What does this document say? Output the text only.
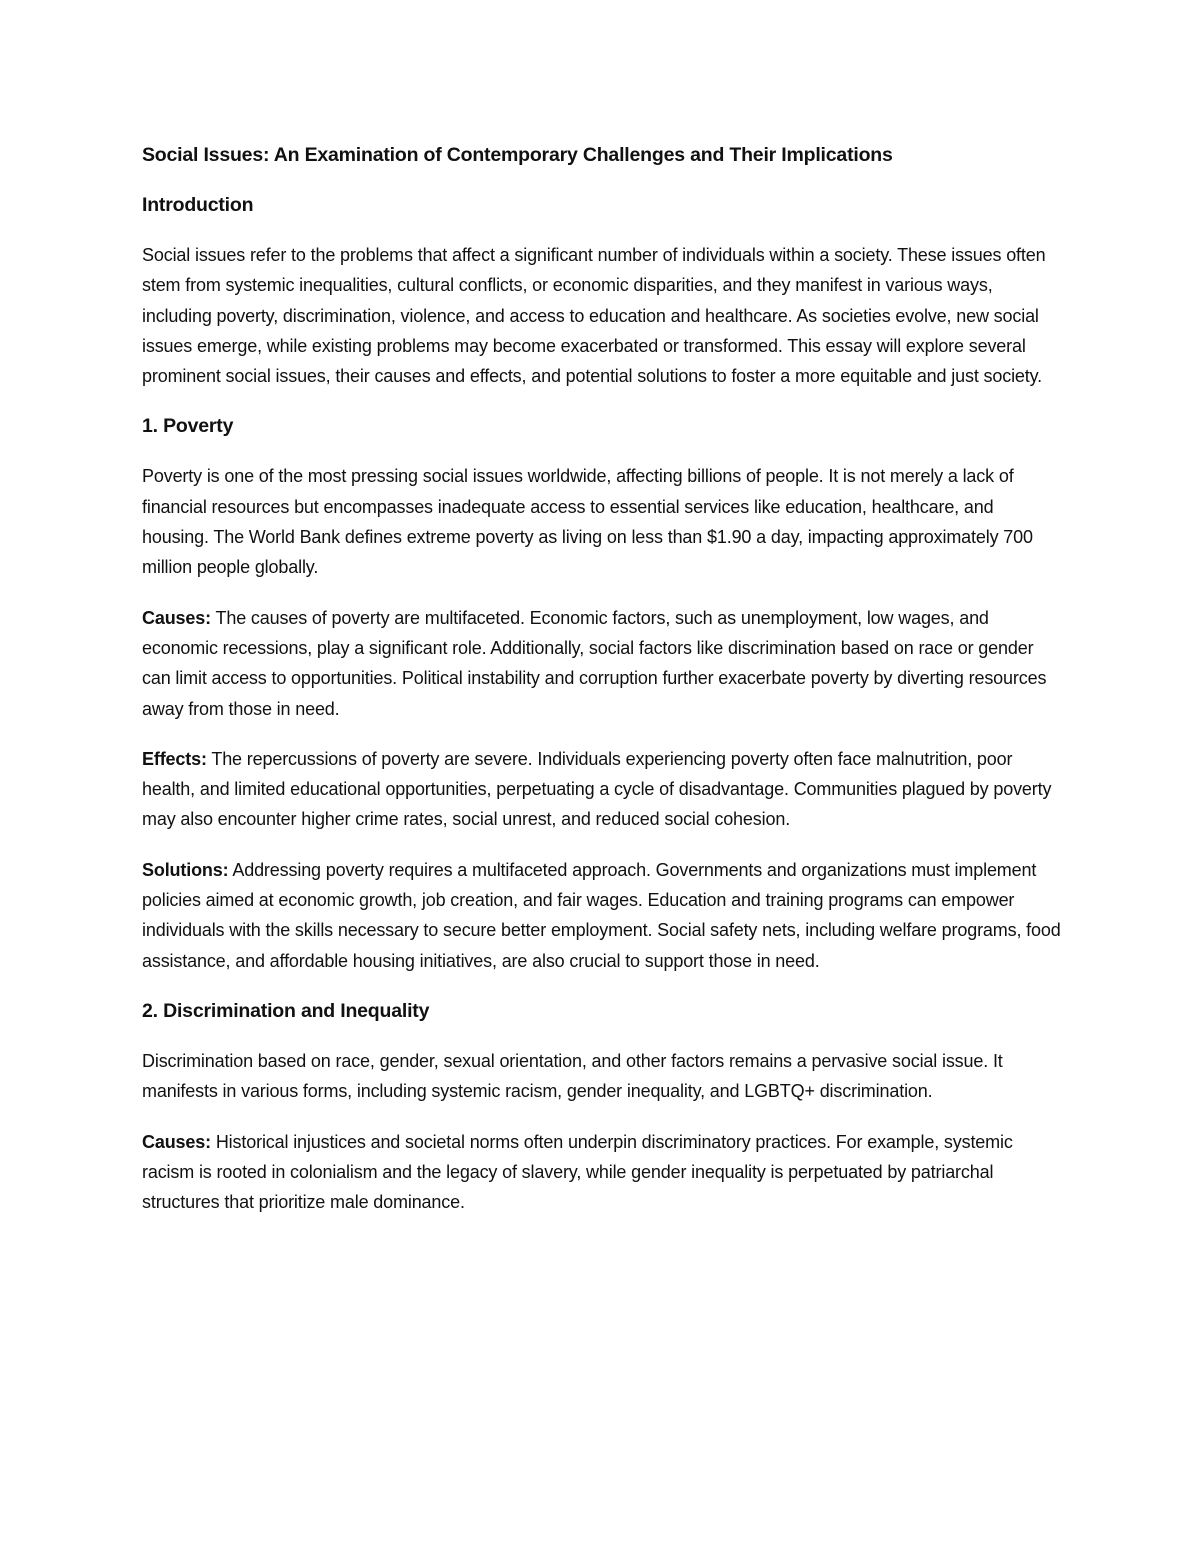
Social Issues: An Examination of Contemporary Challenges and Their Implications
Introduction
Social issues refer to the problems that affect a significant number of individuals within a society. These issues often stem from systemic inequalities, cultural conflicts, or economic disparities, and they manifest in various ways, including poverty, discrimination, violence, and access to education and healthcare. As societies evolve, new social issues emerge, while existing problems may become exacerbated or transformed. This essay will explore several prominent social issues, their causes and effects, and potential solutions to foster a more equitable and just society.
1. Poverty
Poverty is one of the most pressing social issues worldwide, affecting billions of people. It is not merely a lack of financial resources but encompasses inadequate access to essential services like education, healthcare, and housing. The World Bank defines extreme poverty as living on less than $1.90 a day, impacting approximately 700 million people globally.
Causes: The causes of poverty are multifaceted. Economic factors, such as unemployment, low wages, and economic recessions, play a significant role. Additionally, social factors like discrimination based on race or gender can limit access to opportunities. Political instability and corruption further exacerbate poverty by diverting resources away from those in need.
Effects: The repercussions of poverty are severe. Individuals experiencing poverty often face malnutrition, poor health, and limited educational opportunities, perpetuating a cycle of disadvantage. Communities plagued by poverty may also encounter higher crime rates, social unrest, and reduced social cohesion.
Solutions: Addressing poverty requires a multifaceted approach. Governments and organizations must implement policies aimed at economic growth, job creation, and fair wages. Education and training programs can empower individuals with the skills necessary to secure better employment. Social safety nets, including welfare programs, food assistance, and affordable housing initiatives, are also crucial to support those in need.
2. Discrimination and Inequality
Discrimination based on race, gender, sexual orientation, and other factors remains a pervasive social issue. It manifests in various forms, including systemic racism, gender inequality, and LGBTQ+ discrimination.
Causes: Historical injustices and societal norms often underpin discriminatory practices. For example, systemic racism is rooted in colonialism and the legacy of slavery, while gender inequality is perpetuated by patriarchal structures that prioritize male dominance.
